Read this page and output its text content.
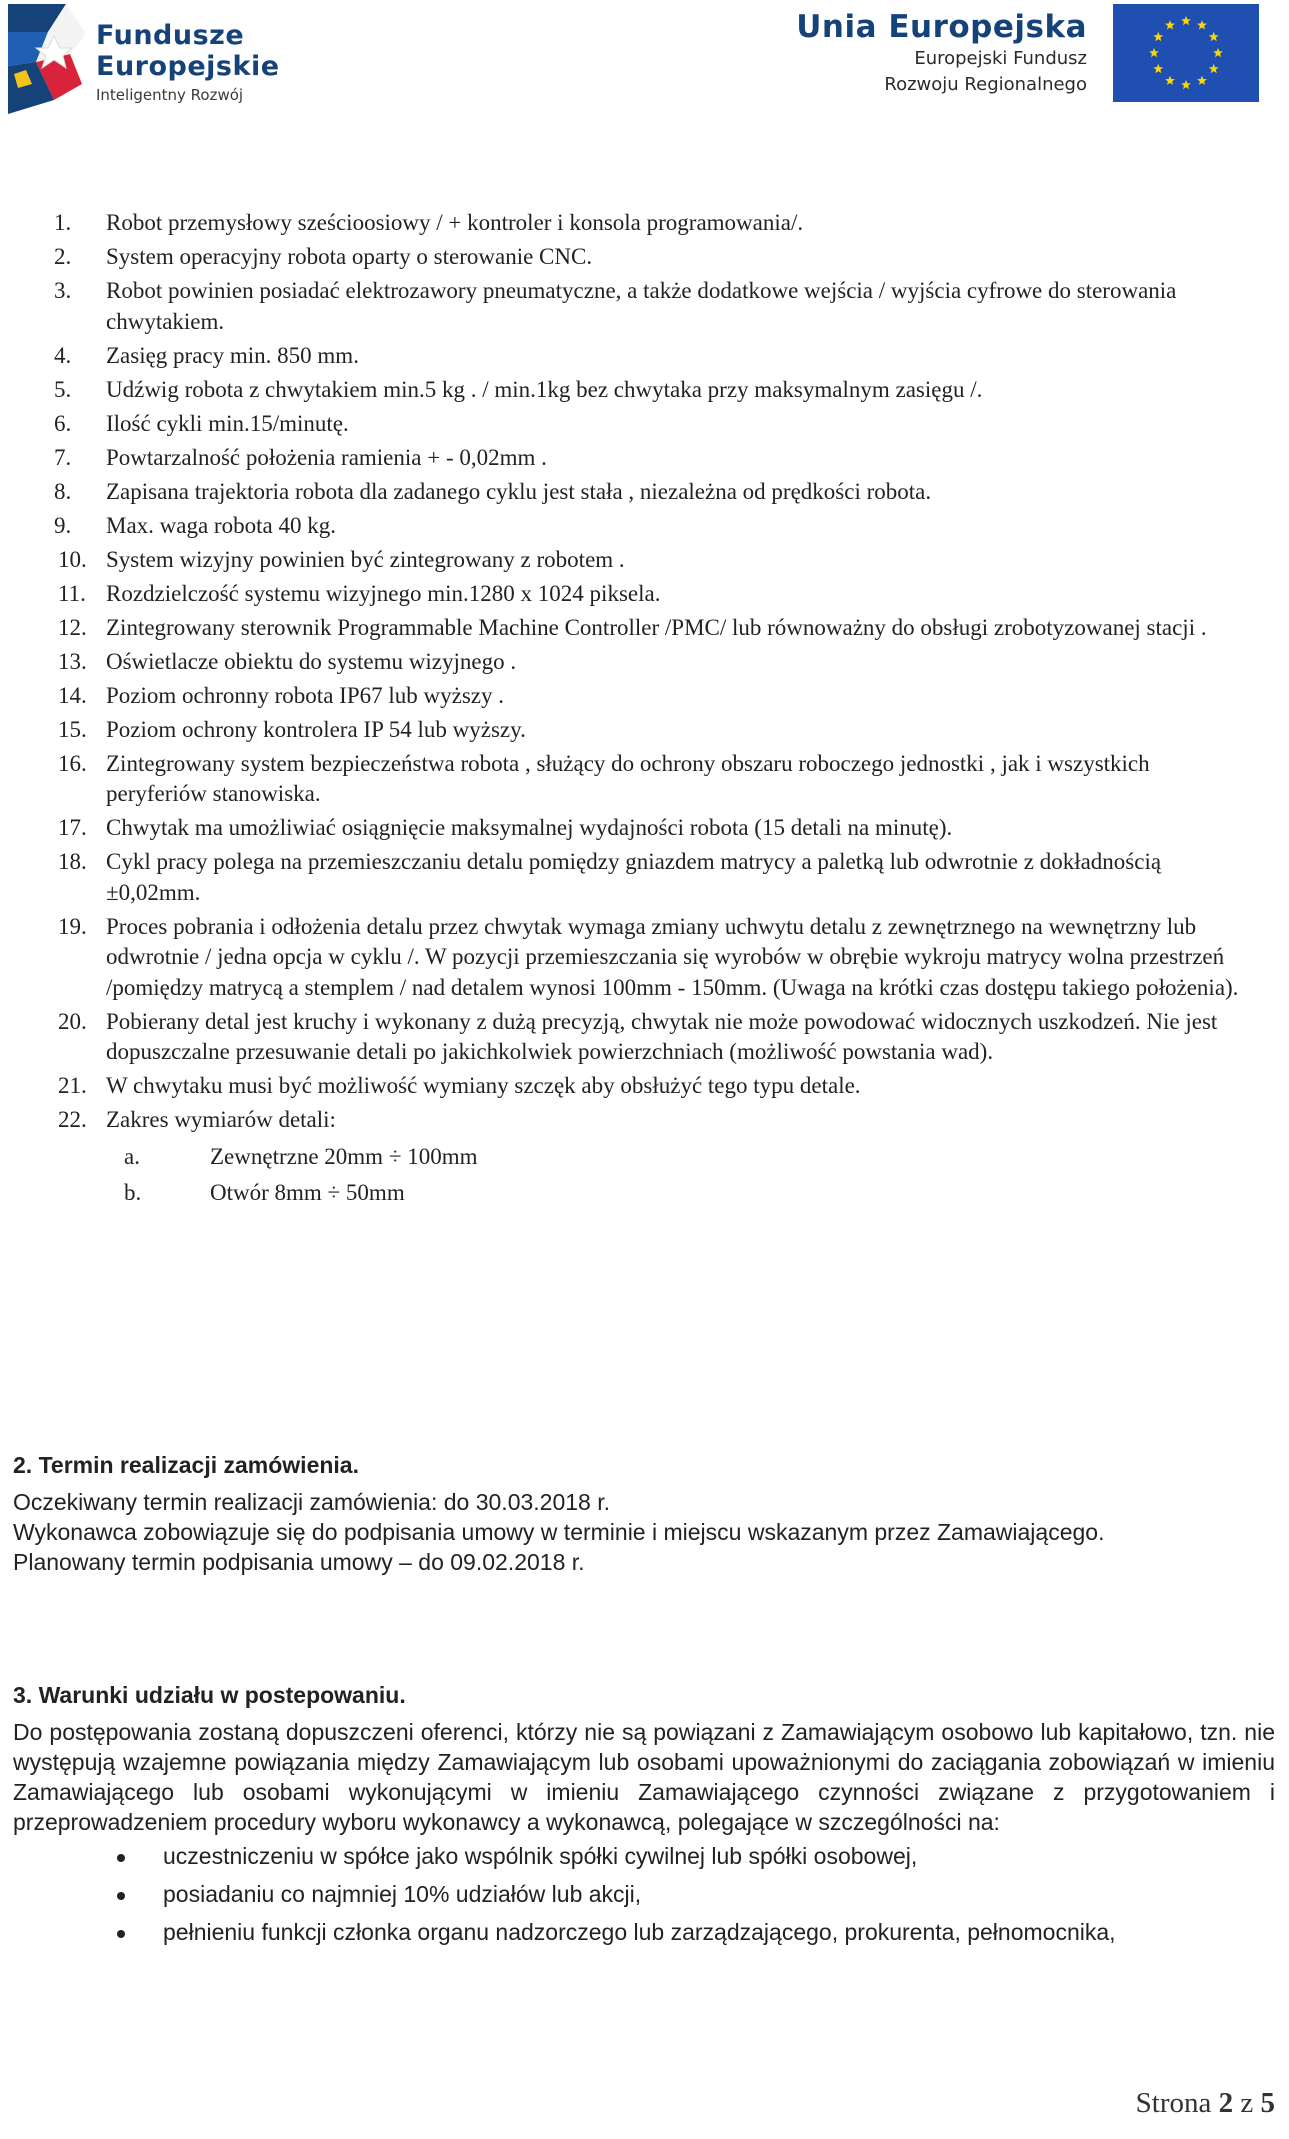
Fundusze
Europejskie
Inteligentny Rozwój
Unia Europejska
Europejski Fundusz
Rozwoju Regionalnego
1.	Robot przemysłowy sześcioosiowy / + kontroler i konsola programowania/.
2.	System operacyjny robota oparty o sterowanie CNC.
3.	Robot powinien posiadać elektrozawory pneumatyczne, a także dodatkowe wejścia / wyjścia cyfrowe do sterowania chwytakiem.
4.	Zasięg pracy min. 850 mm.
5.	Udźwig robota z chwytakiem min.5 kg . / min.1kg bez chwytaka przy maksymalnym zasięgu /.
6.	Ilość cykli min.15/minutę.
7.	Powtarzalność położenia ramienia + - 0,02mm .
8.	Zapisana trajektoria robota dla zadanego cyklu jest stała , niezależna od prędkości robota.
9.	Max. waga robota 40 kg.
10. System wizyjny powinien być zintegrowany z robotem .
11. Rozdzielczość systemu wizyjnego min.1280 x 1024 piksela.
12. Zintegrowany sterownik Programmable Machine Controller /PMC/ lub równoważny do obsługi zrobotyzowanej stacji .
13. Oświetlacze obiektu do systemu wizyjnego .
14. Poziom ochronny robota IP67 lub wyższy .
15. Poziom ochrony kontrolera IP 54 lub wyższy.
16. Zintegrowany system bezpieczeństwa robota , służący do ochrony obszaru roboczego jednostki , jak i wszystkich peryferiów stanowiska.
17. Chwytak ma umożliwiać osiągnięcie maksymalnej wydajności robota (15 detali na minutę).
18. Cykl pracy polega na przemieszczaniu detalu pomiędzy gniazdem matrycy a paletką lub odwrotnie z dokładnością ±0,02mm.
19. Proces pobrania i odłożenia detalu przez chwytak wymaga zmiany uchwytu detalu z zewnętrznego na wewnętrzny lub odwrotnie / jedna opcja w cyklu /. W pozycji przemieszczania się wyrobów w obrębie wykroju matrycy wolna przestrzeń /pomiędzy matrycą a stemplem / nad detalem wynosi 100mm - 150mm. (Uwaga na krótki czas dostępu takiego położenia).
20. Pobierany detal jest kruchy i wykonany z dużą precyzją, chwytak nie może powodować widocznych uszkodzeń. Nie jest dopuszczalne przesuwanie detali po jakichkolwiek powierzchniach (możliwość powstania wad).
21. W chwytaku musi być możliwość wymiany szczęk aby obsłużyć tego typu detale.
22. Zakres wymiarów detali:
a.	Zewnętrzne 20mm ÷ 100mm
b.	Otwór 8mm ÷ 50mm
2. Termin realizacji zamówienia.

Oczekiwany termin realizacji zamówienia: do 30.03.2018 r.

Wykonawca zobowiązuje się do podpisania umowy w terminie i miejscu wskazanym przez Zamawiającego.

Planowany termin podpisania umowy – do 09.02.2018 r.

3. Warunki udziału w postepowaniu.

Do postępowania zostaną dopuszczeni oferenci, którzy nie są powiązani z Zamawiającym osobowo lub kapitałowo, tzn. nie występują wzajemne powiązania między Zamawiającym lub osobami upoważnionymi do zaciągania zobowiązań w imieniu Zamawiającego lub osobami wykonującymi w imieniu Zamawiającego czynności związane z przygotowaniem i przeprowadzeniem procedury wyboru wykonawcy a wykonawcą, polegające w szczególności na:

uczestniczeniu w spółce jako wspólnik spółki cywilnej lub spółki osobowej,
posiadaniu co najmniej 10% udziałów lub akcji,
pełnieniu funkcji członka organu nadzorczego lub zarządzającego, prokurenta, pełnomocnika,
Strona 2 z 5
